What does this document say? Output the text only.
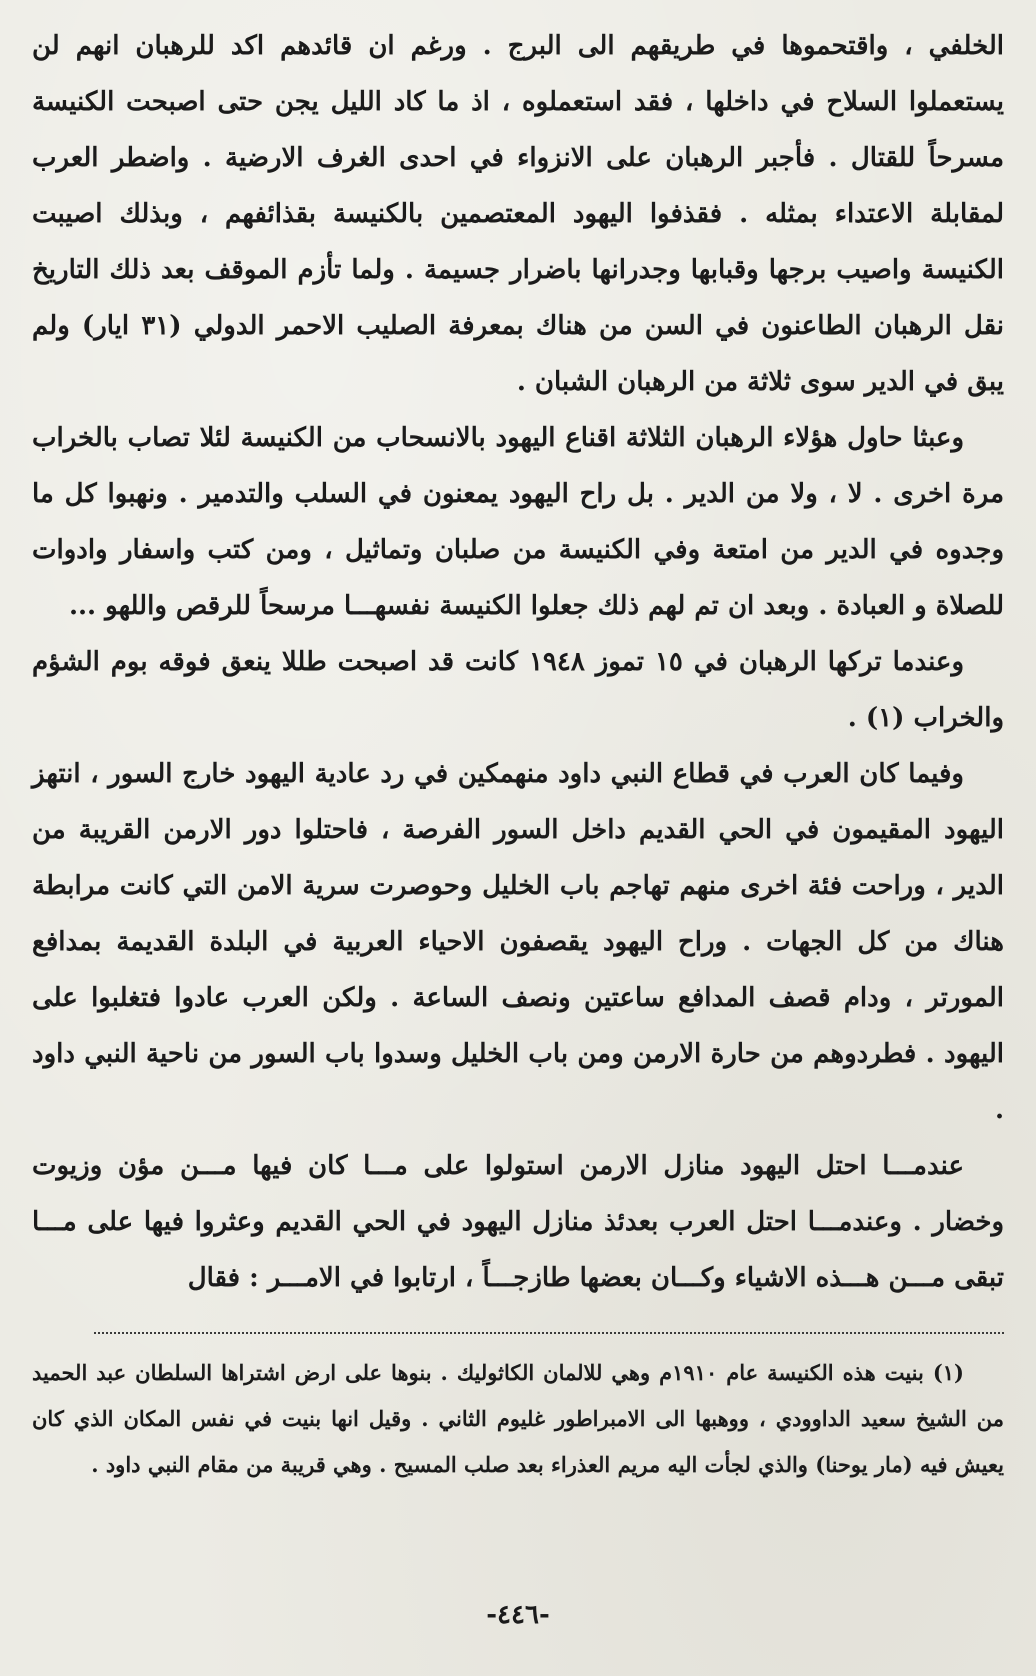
الخلفي ، واقتحموها في طريقهم الى البرج . ورغم ان قائدهم اكد للرهبان انهم لن يستعملوا السلاح في داخلها ، فقد استعملوه ، اذ ما كاد الليل يجن حتى اصبحت الكنيسة مسرحاً للقتال . فأجبر الرهبان على الانزواء في احدى الغرف الارضية . واضطر العرب لمقابلة الاعتداء بمثله . فقذفوا اليهود المعتصمين بالكنيسة بقذائفهم ، وبذلك اصيبت الكنيسة واصيب برجها وقبابها وجدرانها باضرار جسيمة . ولما تأزم الموقف بعد ذلك التاريخ نقل الرهبان الطاعنون في السن من هناك بمعرفة الصليب الاحمر الدولي (٣١ ايار) ولم يبق في الدير سوى ثلاثة من الرهبان الشبان .

وعبثا حاول هؤلاء الرهبان الثلاثة اقناع اليهود بالانسحاب من الكنيسة لئلا تصاب بالخراب مرة اخرى . لا ، ولا من الدير . بل راح اليهود يمعنون في السلب والتدمير . ونهبوا كل ما وجدوه في الدير من امتعة وفي الكنيسة من صلبان وتماثيل ، ومن كتب واسفار وادوات للصلاة و العبادة . وبعد ان تم لهم ذلك جعلوا الكنيسة نفسهـــا مرسحاً للرقص واللهو ...

وعندما تركها الرهبان في ١٥ تموز ١٩٤٨ كانت قد اصبحت طللا ينعق فوقه بوم الشؤم والخراب (١) .

وفيما كان العرب في قطاع النبي داود منهمكين في رد عادية اليهود خارج السور ، انتهز اليهود المقيمون في الحي القديم داخل السور الفرصة ، فاحتلوا دور الارمن القريبة من الدير ، وراحت فئة اخرى منهم تهاجم باب الخليل وحوصرت سرية الامن التي كانت مرابطة هناك من كل الجهات . وراح اليهود يقصفون الاحياء العربية في البلدة القديمة بمدافع المورتر ، ودام قصف المدافع ساعتين ونصف الساعة . ولكن العرب عادوا فتغلبوا على اليهود . فطردوهم من حارة الارمن ومن باب الخليل وسدوا باب السور من ناحية النبي داود .

عندمـــا احتل اليهود منازل الارمن استولوا على مـــا كان فيها مـــن مؤن وزيوت وخضار . وعندمـــا احتل العرب بعدئذ منازل اليهود في الحي القديم وعثروا فيها على مـــا تبقى مـــن هـــذه الاشياء وكـــان بعضها طازجـــاً ، ارتابوا في الامـــر : فقال

(١) بنيت هذه الكنيسة عام ١٩١٠م وهي للالمان الكاثوليك . بنوها على ارض اشتراها السلطان عبد الحميد من الشيخ سعيد الداوودي ، ووهبها الى الامبراطور غليوم الثاني . وقيل انها بنيت في نفس المكان الذي كان يعيش فيه (مار يوحنا) والذي لجأت اليه مريم العذراء بعد صلب المسيح . وهي قريبة من مقام النبي داود .

-٤٤٦-
